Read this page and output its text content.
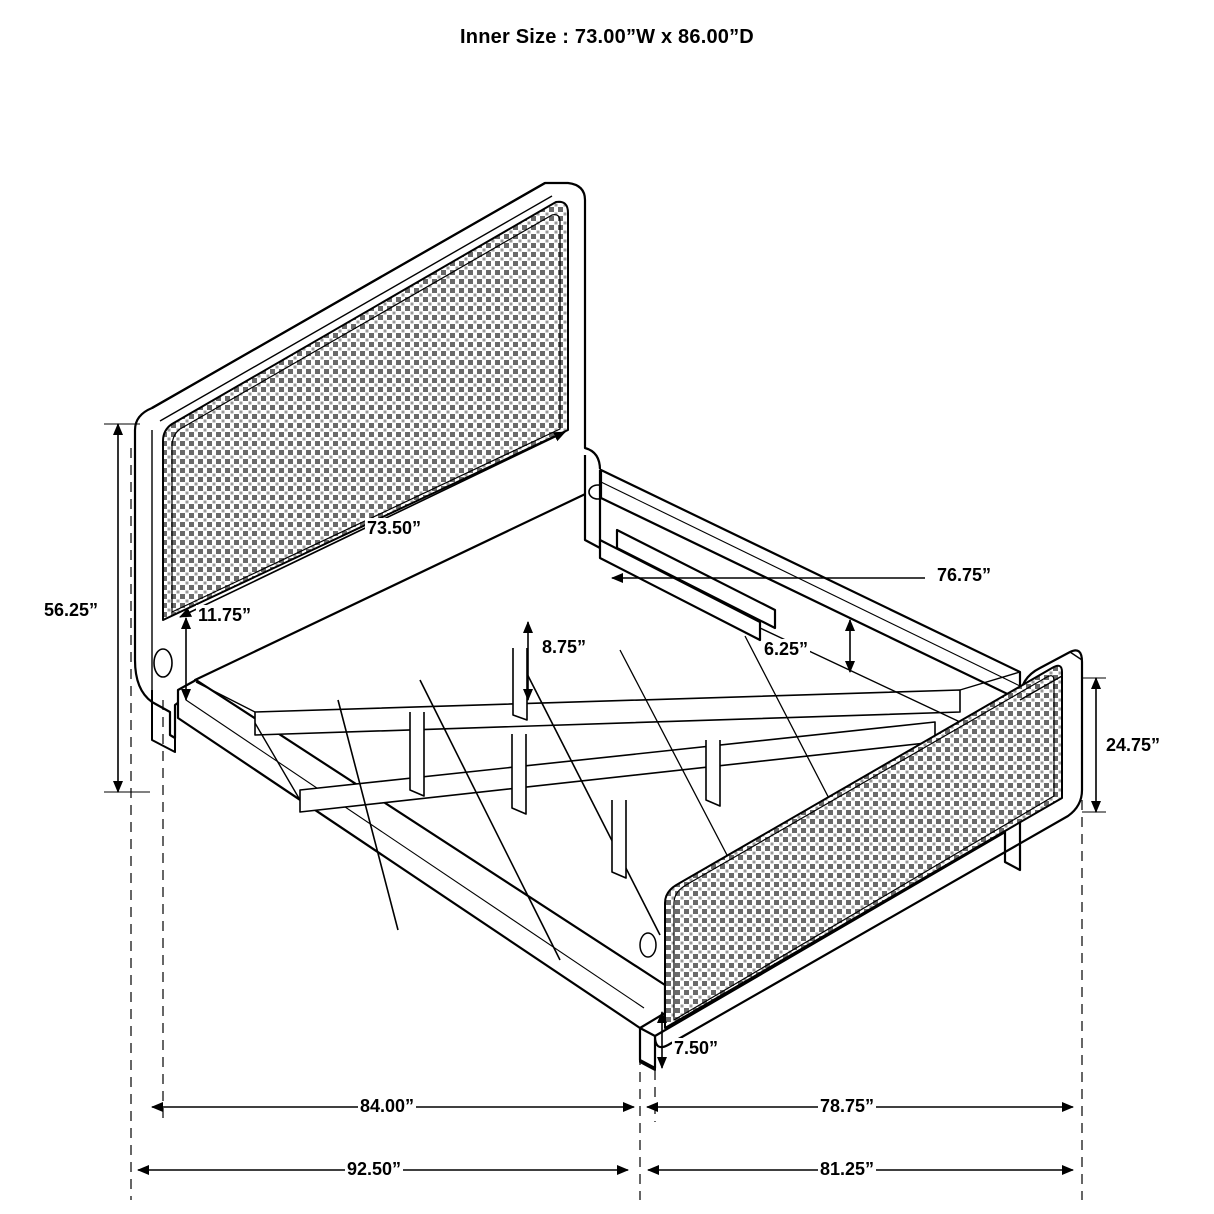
Inner Size : 73.00”W x 86.00”D
56.25”
73.50”
11.75”
8.75”	6.25”
76.75”
24.75”
7.50”
84.00”	78.75”
92.50”	81.25”
